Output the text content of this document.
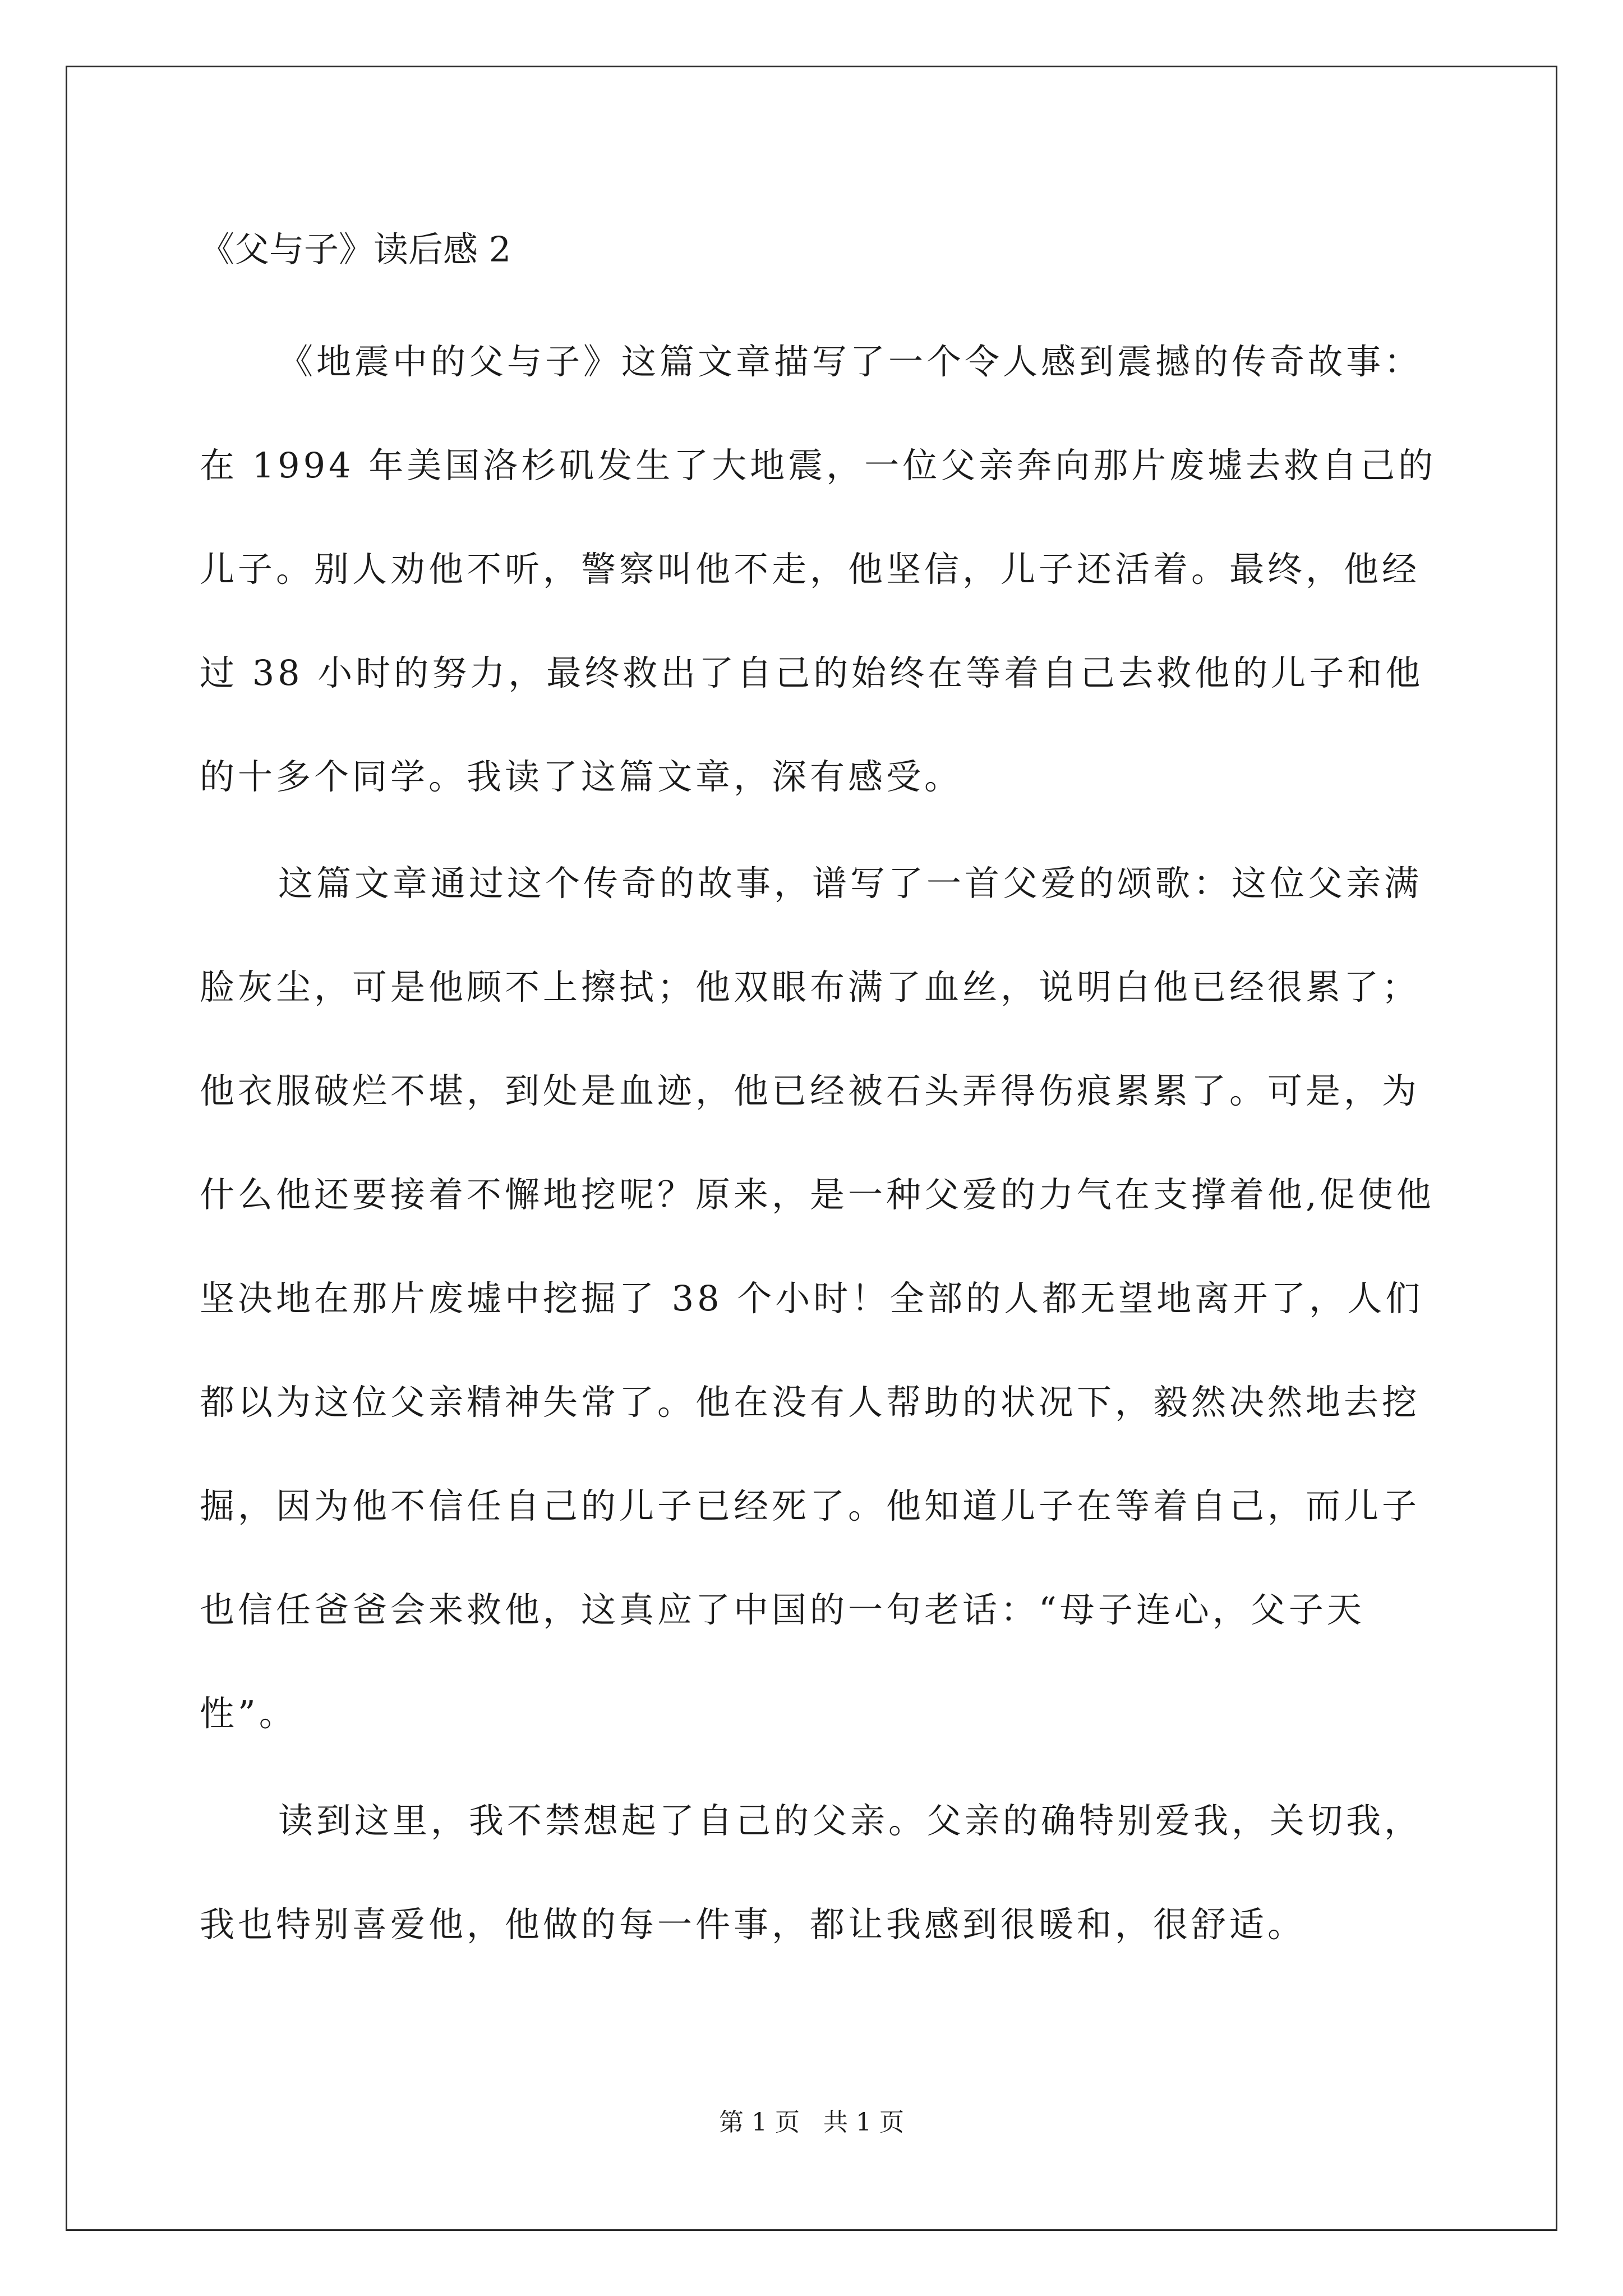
《父与子》读后感 2

《地震中的父与子》这篇文章描写了一个令人感到震撼的传奇故事：在 1994 年美国洛杉矶发生了大地震，一位父亲奔向那片废墟去救自己的儿子。别人劝他不听，警察叫他不走，他坚信，儿子还活着。最终，他经过 38 小时的努力，最终救出了自己的始终在等着自己去救他的儿子和他的十多个同学。我读了这篇文章，深有感受。

这篇文章通过这个传奇的故事，谱写了一首父爱的颂歌：这位父亲满脸灰尘，可是他顾不上擦拭；他双眼布满了血丝，说明白他已经很累了；他衣服破烂不堪，到处是血迹，他已经被石头弄得伤痕累累了。可是，为什么他还要接着不懈地挖呢？原来，是一种父爱的力气在支撑着他,促使他坚决地在那片废墟中挖掘了 38 个小时！全部的人都无望地离开了，人们都以为这位父亲精神失常了。他在没有人帮助的状况下，毅然决然地去挖掘，因为他不信任自己的儿子已经死了。他知道儿子在等着自己，而儿子也信任爸爸会来救他，这真应了中国的一句老话：“母子连心，父子天性”。

读到这里，我不禁想起了自己的父亲。父亲的确特别爱我，关切我，我也特别喜爱他，他做的每一件事，都让我感到很暖和，很舒适。

第 1 页   共 1 页
